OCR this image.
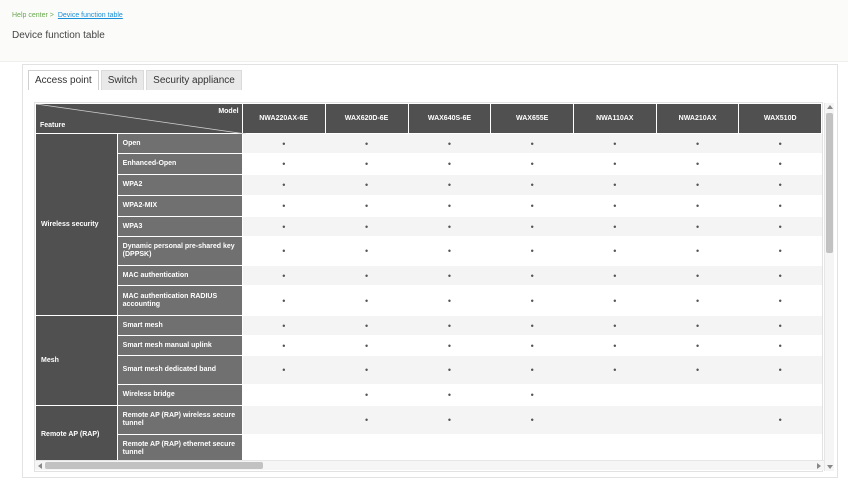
Help center > Device function table
Device function table
Access point	Switch	Security appliance
Model
Feature		NWA220AX-6E	WAX620D-6E	WAX640S-6E	WAX655E	NWA110AX	NWA210AX	WAX510D
Wireless security	Open	•	•	•	•	•	•	•
	Enhanced-Open	•	•	•	•	•	•	•
	WPA2	•	•	•	•	•	•	•
	WPA2-MIX	•	•	•	•	•	•	•
	WPA3	•	•	•	•	•	•	•
	Dynamic personal pre-shared key (DPPSK)	•	•	•	•	•	•	•
	MAC authentication	•	•	•	•	•	•	•
	MAC authentication RADIUS accounting	•	•	•	•	•	•	•
Mesh	Smart mesh	•	•	•	•	•	•	•
	Smart mesh manual uplink	•	•	•	•	•	•	•
	Smart mesh dedicated band	•	•	•	•	•	•	•
	Wireless bridge		•	•	•			
Remote AP (RAP)	Remote AP (RAP) wireless secure tunnel		•	•	•			•
	Remote AP (RAP) ethernet secure tunnel							
